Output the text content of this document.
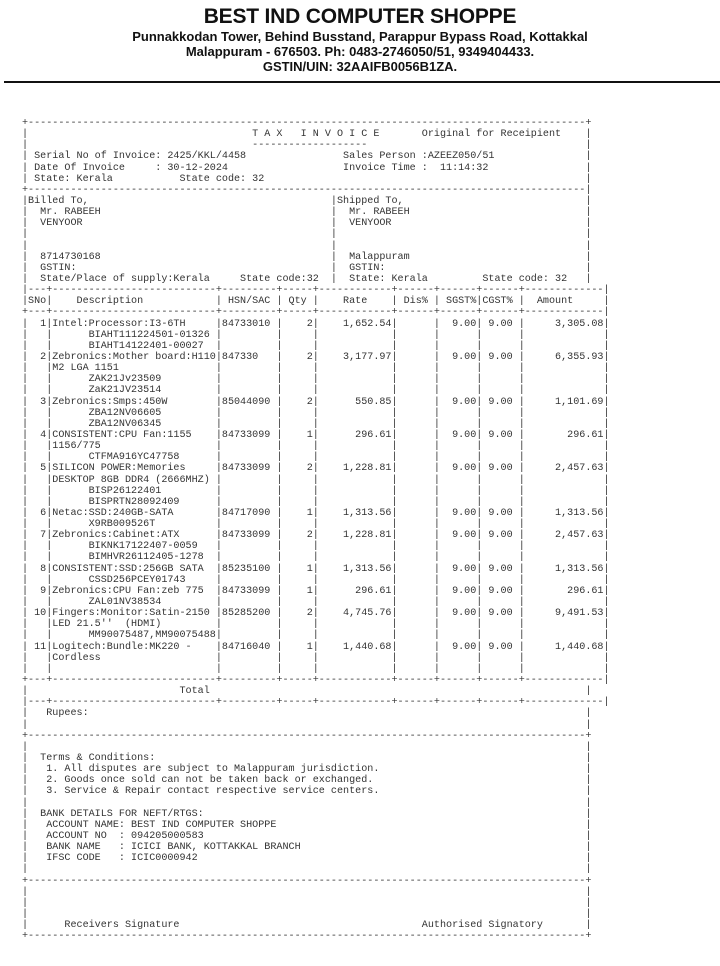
BEST IND COMPUTER SHOPPE
Punnakkodan Tower, Behind Busstand, Parappur Bypass Road, Kottakkal
Malappuram - 676503. Ph: 0483-2746050/51, 9349404433.
GSTIN/UIN: 32AAIFB0056B1ZA.
+--------------------------------------------------------------------------------------------+
|                                     T A X   I N V O I C E       Original for Receipient    |
|                                     -------------------                                    |
| Serial No of Invoice: 2425/KKL/4458                Sales Person :AZEEZ050/51               |
| Date Of Invoice     : 30-12-2024                   Invoice Time :  11:14:32                |
| State: Kerala           State code: 32                                                     |
+--------------------------------------------------------------------------------------------|
|Billed To,                                        |Shipped To,                              |
|  Mr. RABEEH                                      |  Mr. RABEEH                             |
|  VENYOOR                                         |  VENYOOR                                |
|                                                  |                                         |
|                                                  |                                         |
|  8714730168                                      |  Malappuram                             |
|  GSTIN:                                          |  GSTIN:                                 |
|  State/Place of supply:Kerala     State code:32  |  State: Kerala         State code: 32   |
|---+---------------------------+---------+-----+------------+------+------+------+-------------|
|SNo|    Description            | HSN/SAC | Qty |    Rate    | Dis% | SGST%|CGST% |  Amount     |
+---+---------------------------+---------+-----+------------+------+------+------+-------------|
|  1|Intel:Processor:I3-6TH     |84733010 |    2|    1,652.54|      |  9.00| 9.00 |     3,305.08|
|   |      BIAHT111224501-01326 |         |     |            |      |      |      |             |
|   |      BIAHT14122401-00027  |         |     |            |      |      |      |             |
|  2|Zebronics:Mother board:H110|847330   |    2|    3,177.97|      |  9.00| 9.00 |     6,355.93|
|   |M2 LGA 1151                |         |     |            |      |      |      |             |
|   |      ZAK21Jv23509         |         |     |            |      |      |      |             |
|   |      ZaK21JV23514         |         |     |            |      |      |      |             |
|  3|Zebronics:Smps:450W        |85044090 |    2|      550.85|      |  9.00| 9.00 |     1,101.69|
|   |      ZBA12NV06605         |         |     |            |      |      |      |             |
|   |      ZBA12NV06345         |         |     |            |      |      |      |             |
|  4|CONSISTENT:CPU Fan:1155    |84733099 |    1|      296.61|      |  9.00| 9.00 |       296.61|
|   |1156/775                   |         |     |            |      |      |      |             |
|   |      CTFMA916YC47758      |         |     |            |      |      |      |             |
|  5|SILICON POWER:Memories     |84733099 |    2|    1,228.81|      |  9.00| 9.00 |     2,457.63|
|   |DESKTOP 8GB DDR4 (2666MHZ) |         |     |            |      |      |      |             |
|   |      BISP26122401         |         |     |            |      |      |      |             |
|   |      BISPRTN28092409      |         |     |            |      |      |      |             |
|  6|Netac:SSD:240GB-SATA       |84717090 |    1|    1,313.56|      |  9.00| 9.00 |     1,313.56|
|   |      X9RB009526T          |         |     |            |      |      |      |             |
|  7|Zebronics:Cabinet:ATX      |84733099 |    2|    1,228.81|      |  9.00| 9.00 |     2,457.63|
|   |      BIKNK17122407-0059   |         |     |            |      |      |      |             |
|   |      BIMHVR26112405-1278  |         |     |            |      |      |      |             |
|  8|CONSISTENT:SSD:256GB SATA  |85235100 |    1|    1,313.56|      |  9.00| 9.00 |     1,313.56|
|   |      CSSD256PCEY01743     |         |     |            |      |      |      |             |
|  9|Zebronics:CPU Fan:zeb 775  |84733099 |    1|      296.61|      |  9.00| 9.00 |       296.61|
|   |      ZAL01NV38534         |         |     |            |      |      |      |             |
| 10|Fingers:Monitor:Satin-2150 |85285200 |    2|    4,745.76|      |  9.00| 9.00 |     9,491.53|
|   |LED 21.5''  (HDMI)         |         |     |            |      |      |      |             |
|   |      MM90075487,MM90075488|         |     |            |      |      |      |             |
| 11|Logitech:Bundle:MK220 -    |84716040 |    1|    1,440.68|      |  9.00| 9.00 |     1,440.68|
|   |Cordless                   |         |     |            |      |      |      |             |
|   |                           |         |     |            |      |      |      |             |
+---+---------------------------+---------+-----+------------+------+------+------+-------------|
|                         Total                                                              |
|---+---------------------------+---------+-----+------------+------+------+------+-------------|
|   Rupees:                                                                                  |
|                                                                                            |
+--------------------------------------------------------------------------------------------+
|                                                                                            |
|  Terms & Conditions:                                                                       |
|   1. All disputes are subject to Malappuram jurisdiction.                                  |
|   2. Goods once sold can not be taken back or exchanged.                                   |
|   3. Service & Repair contact respective service centers.                                  |
|                                                                                            |
|  BANK DETAILS FOR NEFT/RTGS:                                                               |
|   ACCOUNT NAME: BEST IND COMPUTER SHOPPE                                                   |
|   ACCOUNT NO  : 094205000583                                                               |
|   BANK NAME   : ICICI BANK, KOTTAKKAL BRANCH                                               |
|   IFSC CODE   : ICIC0000942                                                                |
|                                                                                            |
+--------------------------------------------------------------------------------------------+
|                                                                                            |
|                                                                                            |
|                                                                                            |
|      Receivers Signature                                        Authorised Signatory       |
+--------------------------------------------------------------------------------------------+
